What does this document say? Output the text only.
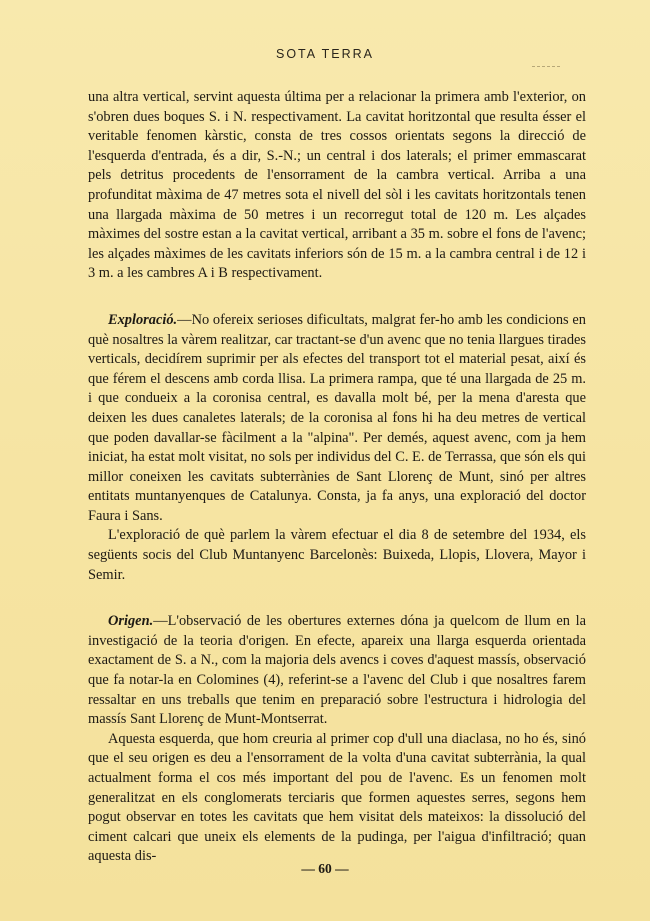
SOTA TERRA

una altra vertical, servint aquesta última per a relacionar la primera amb l'exterior, on s'obren dues boques S. i N. respectivament. La cavitat horitzontal que resulta ésser el veritable fenomen kàrstic, consta de tres cossos orientats segons la direcció de l'esquerda d'entrada, és a dir, S.-N.; un central i dos laterals; el primer emmascarat pels detritus procedents de l'ensorrament de la cambra vertical. Arriba a una profunditat màxima de 47 metres sota el nivell del sòl i les cavitats horitzontals tenen una llargada màxima de 50 metres i un recorregut total de 120 m. Les alçades màximes del sostre estan a la cavitat vertical, arribant a 35 m. sobre el fons de l'avenc; les alçades màximes de les cavitats inferiors són de 15 m. a la cambra central i de 12 i 3 m. a les cambres A i B respectivament.

Exploració.—No ofereix serioses dificultats, malgrat fer-ho amb les condicions en què nosaltres la vàrem realitzar, car tractant-se d'un avenc que no tenia llargues tirades verticals, decidírem suprimir per als efectes del transport tot el material pesat, així és que férem el descens amb corda llisa. La primera rampa, que té una llargada de 25 m. i que condueix a la coronisa central, es davalla molt bé, per la mena d'aresta que deixen les dues canaletes laterals; de la coronisa al fons hi ha deu metres de vertical que poden davallar-se fàcilment a la "alpina". Per demés, aquest avenc, com ja hem iniciat, ha estat molt visitat, no sols per individus del C. E. de Terrassa, que són els qui millor coneixen les cavitats subterrànies de Sant Llorenç de Munt, sinó per altres entitats muntanyenques de Catalunya. Consta, ja fa anys, una exploració del doctor Faura i Sans.

L'exploració de què parlem la vàrem efectuar el dia 8 de setembre del 1934, els següents socis del Club Muntanyenc Barcelonès: Buixeda, Llopis, Llovera, Mayor i Semir.

Origen.—L'observació de les obertures externes dóna ja quelcom de llum en la investigació de la teoria d'origen. En efecte, apareix una llarga esquerda orientada exactament de S. a N., com la majoria dels avencs i coves d'aquest massís, observació que fa notar-la en Colomines (4), referint-se a l'avenc del Club i que nosaltres farem ressaltar en uns treballs que tenim en preparació sobre l'estructura i hidrologia del massís Sant Llorenç de Munt-Montserrat.

Aquesta esquerda, que hom creuria al primer cop d'ull una diaclasa, no ho és, sinó que el seu origen es deu a l'ensorrament de la volta d'una cavitat subterrània, la qual actualment forma el cos més important del pou de l'avenc. Es un fenomen molt generalitzat en els conglomerats terciaris que formen aquestes serres, segons hem pogut observar en totes les cavitats que hem visitat dels mateixos: la dissolució del ciment calcari que uneix els elements de la pudinga, per l'aigua d'infiltració; quan aquesta dis-

— 60 —
